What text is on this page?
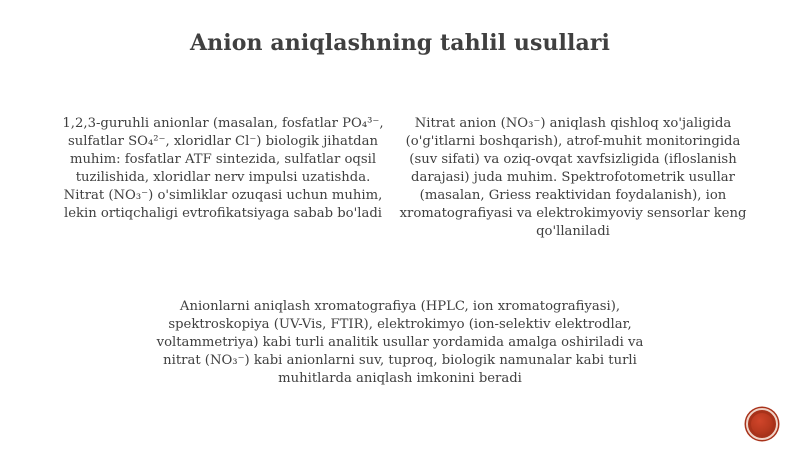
Anion aniqlashning tahlil usullari

1,2,3-guruhli anionlar (masalan, fosfatlar PO₄³⁻, sulfatlar SO₄²⁻, xloridlar Cl⁻) biologik jihatdan muhim: fosfatlar ATF sintezida, sulfatlar oqsil tuzilishida, xloridlar nerv impulsi uzatishda. Nitrat (NO₃⁻) o'simliklar ozuqasi uchun muhim, lekin ortiqchaligi evtrofikatsiyaga sabab bo'ladi

Nitrat anion (NO₃⁻) aniqlash qishloq xo'jaligida (o'g'itlarni boshqarish), atrof-muhit monitoringida (suv sifati) va oziq-ovqat xavfsizligida (ifloslanish darajasi) juda muhim. Spektrofotometrik usullar (masalan, Griess reaktividan foydalanish), ion xromatografiyasi va elektrokimyoviy sensorlar keng qo'llaniladi

Anionlarni aniqlash xromatografiya (HPLC, ion xromatografiyasi), spektroskopiya (UV-Vis, FTIR), elektrokimyo (ion-selektiv elektrodlar, voltammetriya) kabi turli analitik usullar yordamida amalga oshiriladi va nitrat (NO₃⁻) kabi anionlarni suv, tuproq, biologik namunalar kabi turli muhitlarda aniqlash imkonini beradi
